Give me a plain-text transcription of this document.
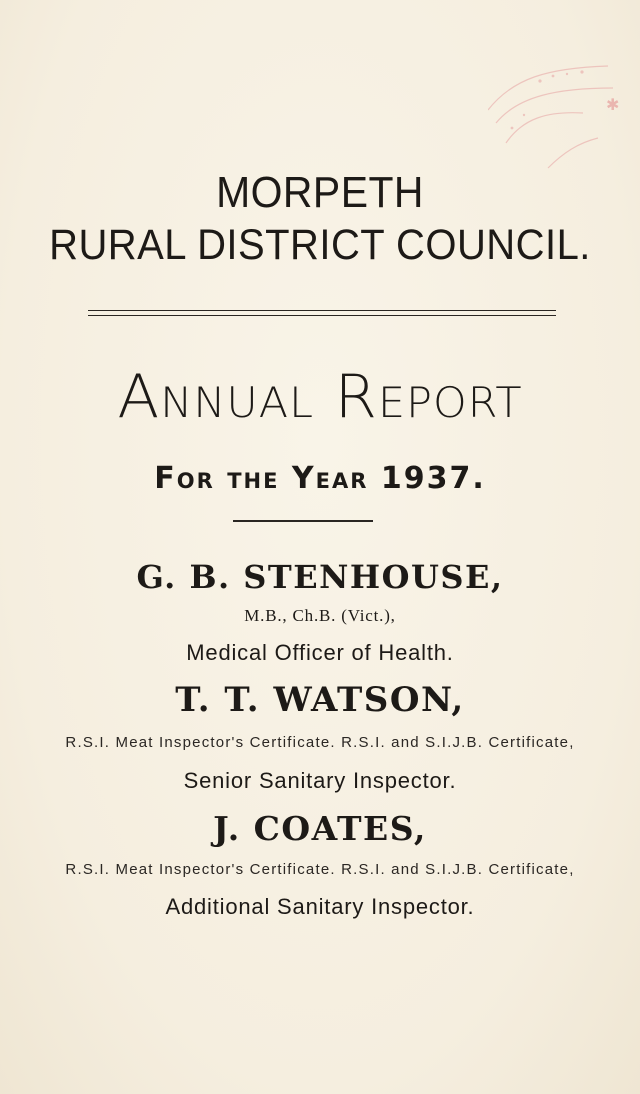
✱
MORPETH
RURAL DISTRICT COUNCIL.
Annual Report
For the Year 1937.
G. B. STENHOUSE,
M.B., Ch.B. (Vict.),
Medical Officer of Health.
T. T. WATSON,
R.S.I. Meat Inspector's Certificate. R.S.I. and S.I.J.B. Certificate,
Senior Sanitary Inspector.
J. COATES,
R.S.I. Meat Inspector's Certificate. R.S.I. and S.I.J.B. Certificate,
Additional Sanitary Inspector.
